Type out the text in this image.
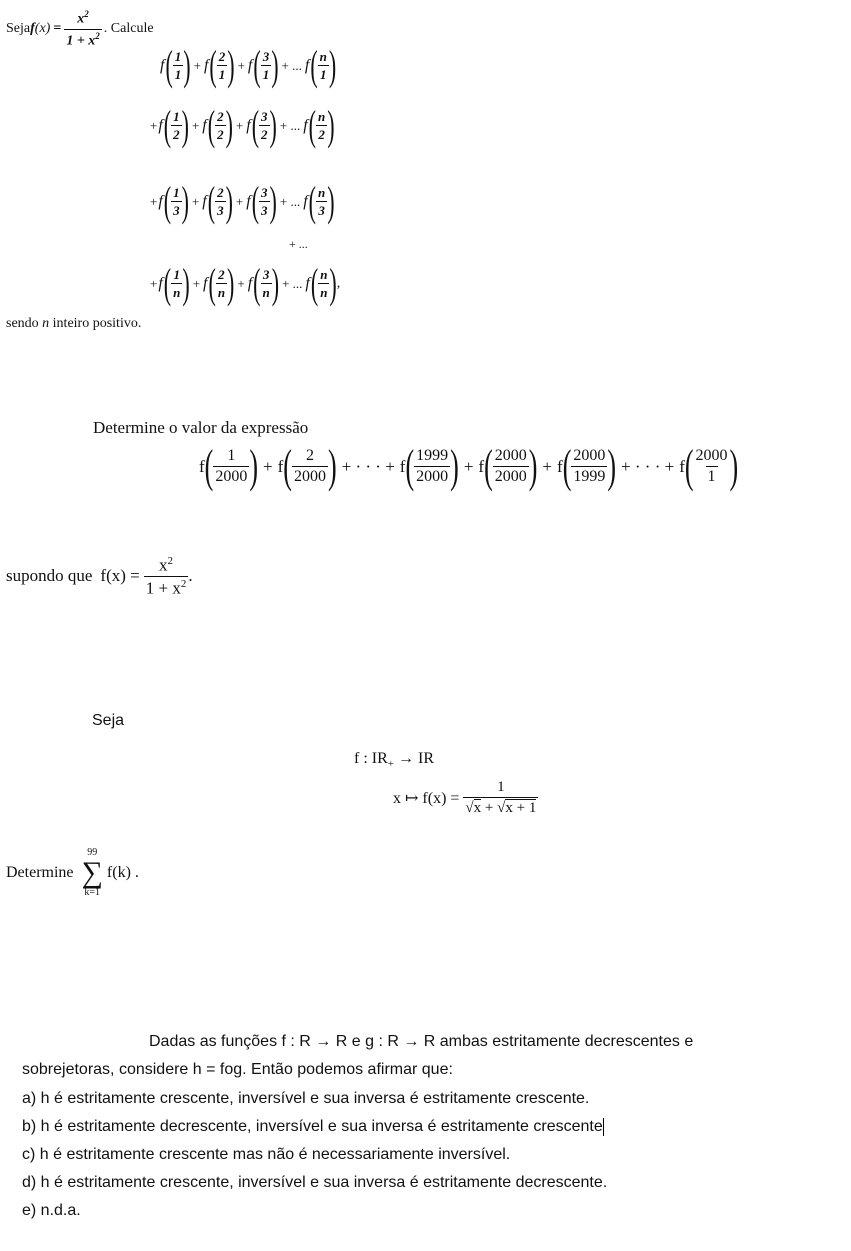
Seja f $(x) = \frac{x^2}{1 + x^2}$ . Calcule
f ( $\frac{1}{1}$ ) + f ( $\frac{2}{1}$ ) + f ( $\frac{3}{1}$ ) + ... f ( $\frac{n}{1}$ )
+ f ( $\frac{1}{2}$ ) + f ( $\frac{2}{2}$ ) + f ( $\frac{3}{2}$ ) + ... f ( $\frac{n}{2}$ )
+ f ( $\frac{1}{3}$ ) + f ( $\frac{2}{3}$ ) + f ( $\frac{3}{3}$ ) + ... f ( $\frac{n}{3}$ )
+ f ( $\frac{1}{n}$ ) + f ( $\frac{2}{n}$ ) + f ( $\frac{3}{n}$ ) + ... f ( $\frac{n}{n}$ ) ,
+ ...
sendo n inteiro positivo.
Determine o valor da expressão
f ( $\frac{1}{2000}$ ) + f ( $\frac{2}{2000}$ ) + · · · + f ( $\frac{1999}{2000}$ ) + f ( $\frac{2000}{2000}$ ) + f ( $\frac{2000}{1999}$ ) + · · · + f ( $\frac{2000}{1}$ )
supondo que $f(x) = \frac{x^2}{1 + x^2}$ .
Seja
f : $IR_+$ → IR
x ↦ $f(x) = \frac{1}{√x + √x + 1}$
Determine
99
∑
k=1
f(k) .
Dadas as funções f : R → R e g : R → R ambas estritamente decrescentes e
sobrejetoras, considere h = fog. Então podemos afirmar que:
a) h é estritamente crescente, inversível e sua inversa é estritamente crescente.
b) h é estritamente decrescente, inversível e sua inversa é estritamente crescente
c) h é estritamente crescente mas não é necessariamente inversível.
d) h é estritamente crescente, inversível e sua inversa é estritamente decrescente.
e) n.d.a.
